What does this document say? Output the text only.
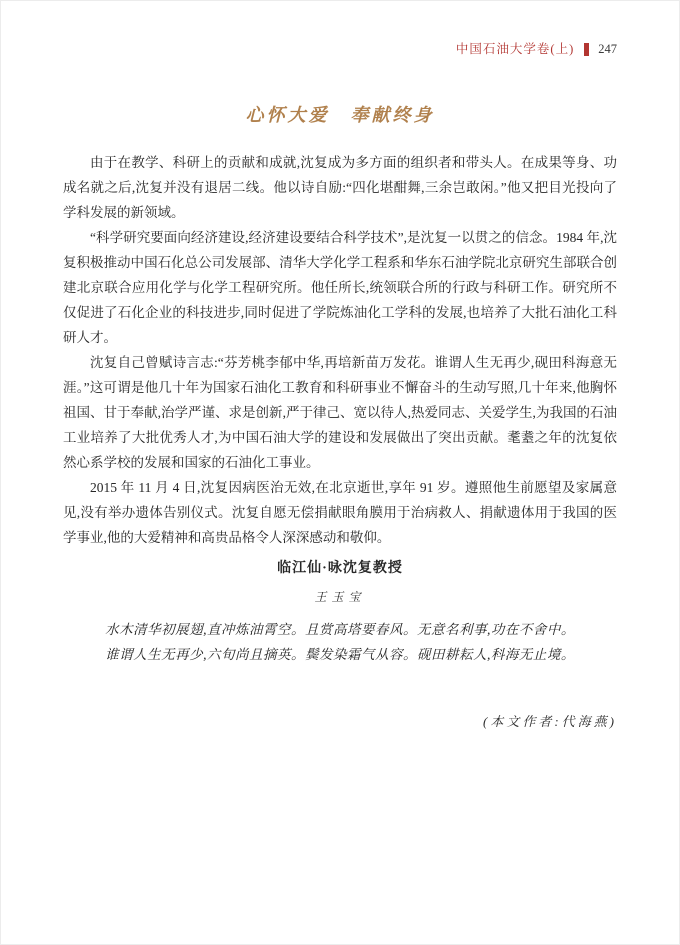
中国石油大学卷(上) 247
心怀大爱　奉献终身

由于在教学、科研上的贡献和成就,沈复成为多方面的组织者和带头人。在成果等身、功成名就之后,沈复并没有退居二线。他以诗自励:“四化堪酣舞,三余岂敢闲。”他又把目光投向了学科发展的新领域。

“科学研究要面向经济建设,经济建设要结合科学技术”,是沈复一以贯之的信念。1984 年,沈复积极推动中国石化总公司发展部、清华大学化学工程系和华东石油学院北京研究生部联合创建北京联合应用化学与化学工程研究所。他任所长,统领联合所的行政与科研工作。研究所不仅促进了石化企业的科技进步,同时促进了学院炼油化工学科的发展,也培养了大批石油化工科研人才。

沈复自己曾赋诗言志:“芬芳桃李郁中华,再培新苗万发花。谁谓人生无再少,砚田科海意无涯。”这可谓是他几十年为国家石油化工教育和科研事业不懈奋斗的生动写照,几十年来,他胸怀祖国、甘于奉献,治学严谨、求是创新,严于律己、宽以待人,热爱同志、关爱学生,为我国的石油工业培养了大批优秀人才,为中国石油大学的建设和发展做出了突出贡献。耄耋之年的沈复依然心系学校的发展和国家的石油化工事业。

2015 年 11 月 4 日,沈复因病医治无效,在北京逝世,享年 91 岁。遵照他生前愿望及家属意见,没有举办遗体告别仪式。沈复自愿无偿捐献眼角膜用于治病救人、捐献遗体用于我国的医学事业,他的大爱精神和高贵品格令人深深感动和敬仰。

临江仙·咏沈复教授
王玉宝

水木清华初展翅,直冲炼油霄空。且赏高塔要春风。无意名利事,功在不舍中。

谁谓人生无再少,六旬尚且摘英。鬓发染霜气从容。砚田耕耘人,科海无止境。

(本文作者:代海燕)
